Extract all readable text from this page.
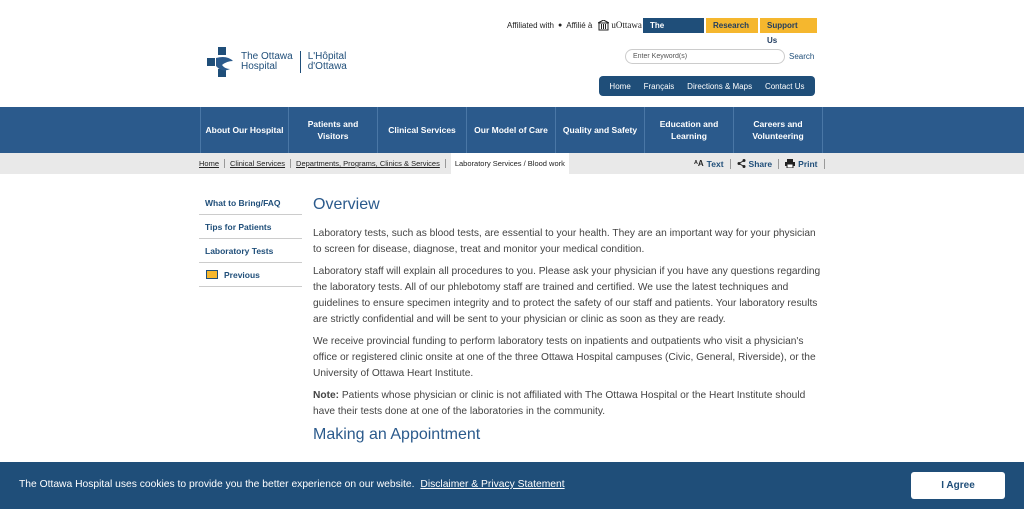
Affiliated with ● Affilié à uOttawa	The Hospital
Research	Support Us
The Ottawa
Hospital
L'Hôpital
d'Ottawa
Enter Keyword(s)
Search
Home Français Directions & Maps Contact Us
About Our Hospital
Patients and Visitors
Clinical Services	Our Model of Care	Quality and Safety
Education and Learning
Careers and Volunteering
Home	Clinical Services	Departments, Programs, Clinics & Services	Laboratory Services / Blood work	ᴬA Text	Share	Print
What to Bring/FAQ
Tips for Patients
Laboratory Tests
Previous
Overview

Laboratory tests, such as blood tests, are essential to your health. They are an important way for your physician to screen for disease, diagnose, treat and monitor your medical condition.

Laboratory staff will explain all procedures to you. Please ask your physician if you have any questions regarding the laboratory tests. All of our phlebotomy staff are trained and certified. We use the latest techniques and guidelines to ensure specimen integrity and to protect the safety of our staff and patients. Your laboratory results are strictly confidential and will be sent to your physician or clinic as soon as they are ready.

We receive provincial funding to perform laboratory tests on inpatients and outpatients who visit a physician's office or registered clinic onsite at one of the three Ottawa Hospital campuses (Civic, General, Riverside), or the University of Ottawa Heart Institute.

Note: Patients whose physician or clinic is not affiliated with The Ottawa Hospital or the Heart Institute should have their tests done at one of the laboratories in the community.

Making an Appointment
The Ottawa Hospital uses cookies to provide you the better experience on our website. Disclaimer & Privacy Statement	I Agree
